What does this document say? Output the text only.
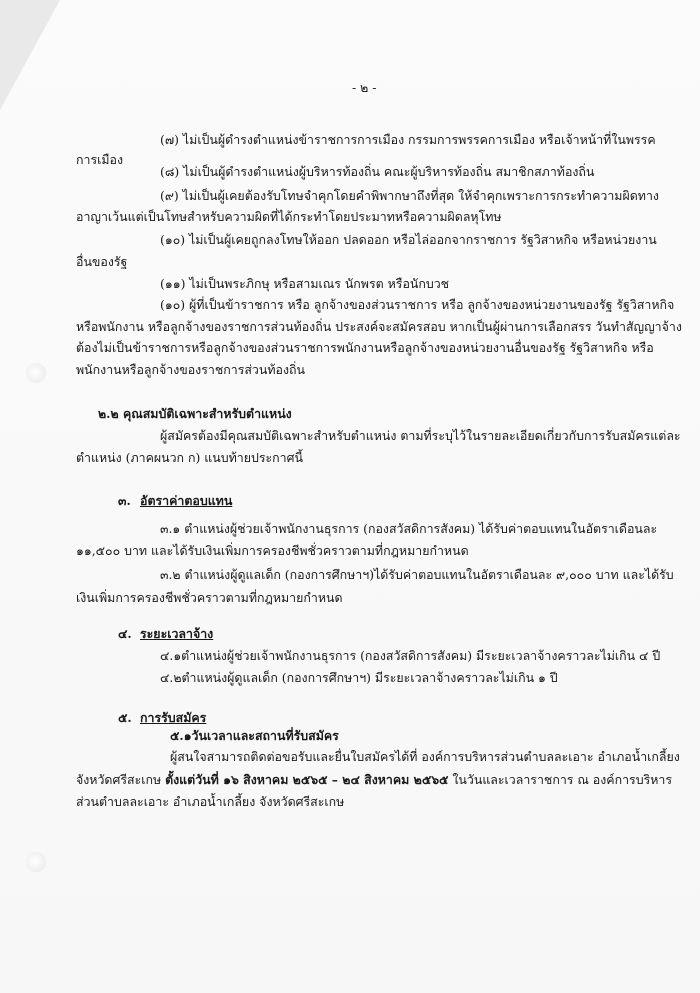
- ๒ -
(๗) ไม่เป็นผู้ดำรงตำแหน่งข้าราชการการเมือง กรรมการพรรคการเมือง หรือเจ้าหน้าที่ในพรรค
การเมือง
(๘) ไม่เป็นผู้ดำรงตำแหน่งผู้บริหารท้องถิ่น คณะผู้บริหารท้องถิ่น สมาชิกสภาท้องถิ่น
(๙) ไม่เป็นผู้เคยต้องรับโทษจำคุกโดยคำพิพากษาถึงที่สุด ให้จำคุกเพราะการกระทำความผิดทาง
อาญาเว้นแต่เป็นโทษสำหรับความผิดที่ได้กระทำโดยประมาทหรือความผิดลหุโทษ
(๑๐) ไม่เป็นผู้เคยถูกลงโทษให้ออก ปลดออก หรือไล่ออกจากราชการ รัฐวิสาหกิจ หรือหน่วยงาน
อื่นของรัฐ
(๑๑) ไม่เป็นพระภิกษุ หรือสามเณร นักพรต หรือนักบวช
(๑๐) ผู้ที่เป็นข้าราชการ หรือ ลูกจ้างของส่วนราชการ หรือ ลูกจ้างของหน่วยงานของรัฐ รัฐวิสาหกิจ
หรือพนักงาน หรือลูกจ้างของราชการส่วนท้องถิ่น ประสงค์จะสมัครสอบ หากเป็นผู้ผ่านการเลือกสรร วันทำสัญญาจ้าง
ต้องไม่เป็นข้าราชการหรือลูกจ้างของส่วนราชการพนักงานหรือลูกจ้างของหน่วยงานอื่นของรัฐ รัฐวิสาหกิจ หรือ
พนักงานหรือลูกจ้างของราชการส่วนท้องถิ่น
๒.๒ คุณสมบัติเฉพาะสำหรับตำแหน่ง
ผู้สมัครต้องมีคุณสมบัติเฉพาะสำหรับตำแหน่ง ตามที่ระบุไว้ในรายละเอียดเกี่ยวกับการรับสมัครแต่ละ
ตำแหน่ง (ภาคผนวก ก) แนบท้ายประกาศนี้
๓. อัตราค่าตอบแทน
๓.๑ ตำแหน่งผู้ช่วยเจ้าพนักงานธุรการ (กองสวัสดิการสังคม) ได้รับค่าตอบแทนในอัตราเดือนละ
๑๑,๕๐๐ บาท และได้รับเงินเพิ่มการครองชีพชั่วคราวตามที่กฎหมายกำหนด
๓.๒ ตำแหน่งผู้ดูแลเด็ก (กองการศึกษาฯ)ได้รับค่าตอบแทนในอัตราเดือนละ ๙,๐๐๐ บาท และได้รับ
เงินเพิ่มการครองชีพชั่วคราวตามที่กฎหมายกำหนด
๔. ระยะเวลาจ้าง
๔.๑ตำแหน่งผู้ช่วยเจ้าพนักงานธุรการ (กองสวัสดิการสังคม) มีระยะเวลาจ้างคราวละไม่เกิน ๔ ปี
๔.๒ตำแหน่งผู้ดูแลเด็ก (กองการศึกษาฯ) มีระยะเวลาจ้างคราวละไม่เกิน ๑ ปี
๕. การรับสมัคร
๕.๑วันเวลาและสถานที่รับสมัคร
ผู้สนใจสามารถติดต่อขอรับและยื่นใบสมัครได้ที่ องค์การบริหารส่วนตำบลละเอาะ อำเภอน้ำเกลี้ยง
จังหวัดศรีสะเกษ ตั้งแต่วันที่ ๑๖ สิงหาคม ๒๕๖๕ – ๒๔ สิงหาคม ๒๕๖๕ ในวันและเวลาราชการ ณ องค์การบริหาร
ส่วนตำบลละเอาะ อำเภอน้ำเกลี้ยง จังหวัดศรีสะเกษ
